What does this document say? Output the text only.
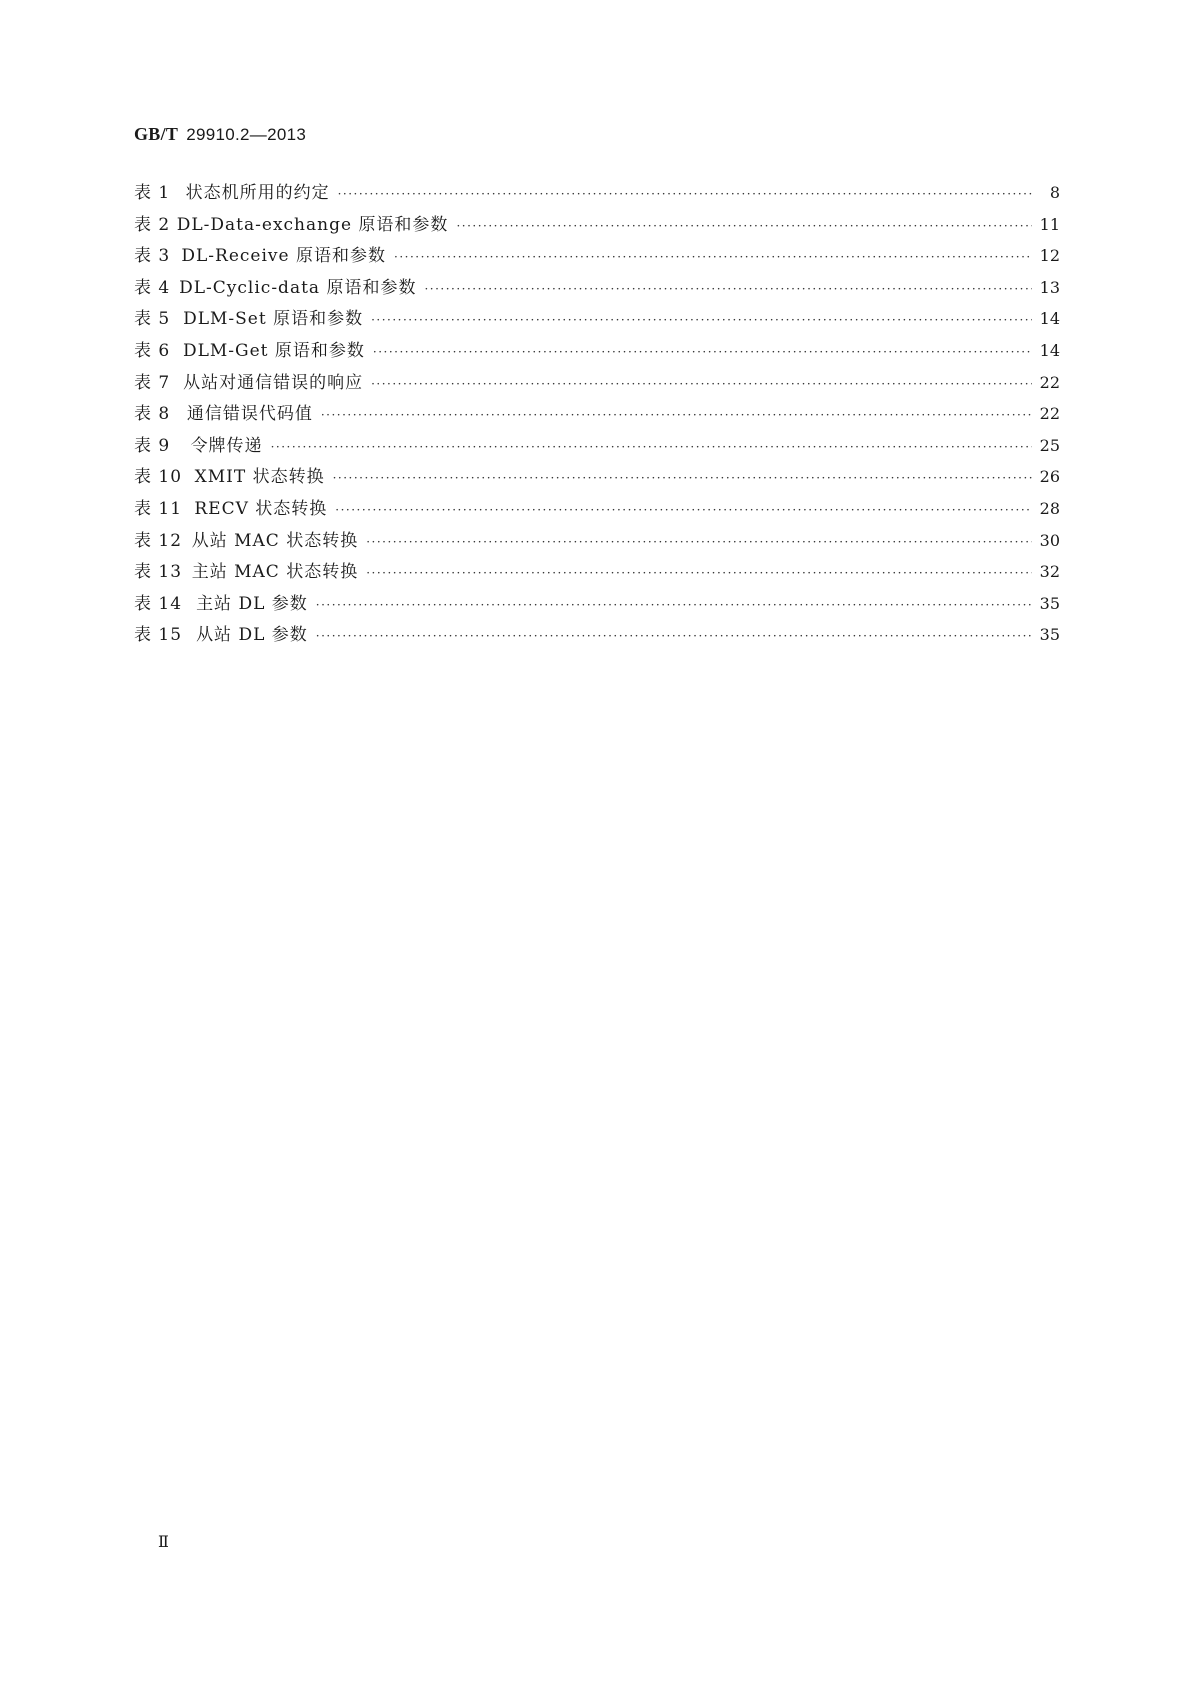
GB/T 29910.2—2013
表 1 状态机所用的约定 ·····	8
表 2 DL-Data-exchange 原语和参数 ·····	11
表 3 DL-Receive 原语和参数 ·····	12
表 4 DL-Cyclic-data 原语和参数 ·····	13
表 5 DLM-Set 原语和参数 ·····	14
表 6 DLM-Get 原语和参数 ·····	14
表 7 从站对通信错误的响应 ·····	22
表 8 通信错误代码值 ·····	22
表 9	令牌传递 ·····	25
表 10 XMIT 状态转换 ·····	26
表 11 RECV 状态转换 ·····	28
表 12 从站 MAC 状态转换 ·····	30
表 13 主站 MAC 状态转换 ·····	32
表 14 主站 DL 参数 ·····	35
表 15 从站 DL 参数 ·····	35
Ⅱ
